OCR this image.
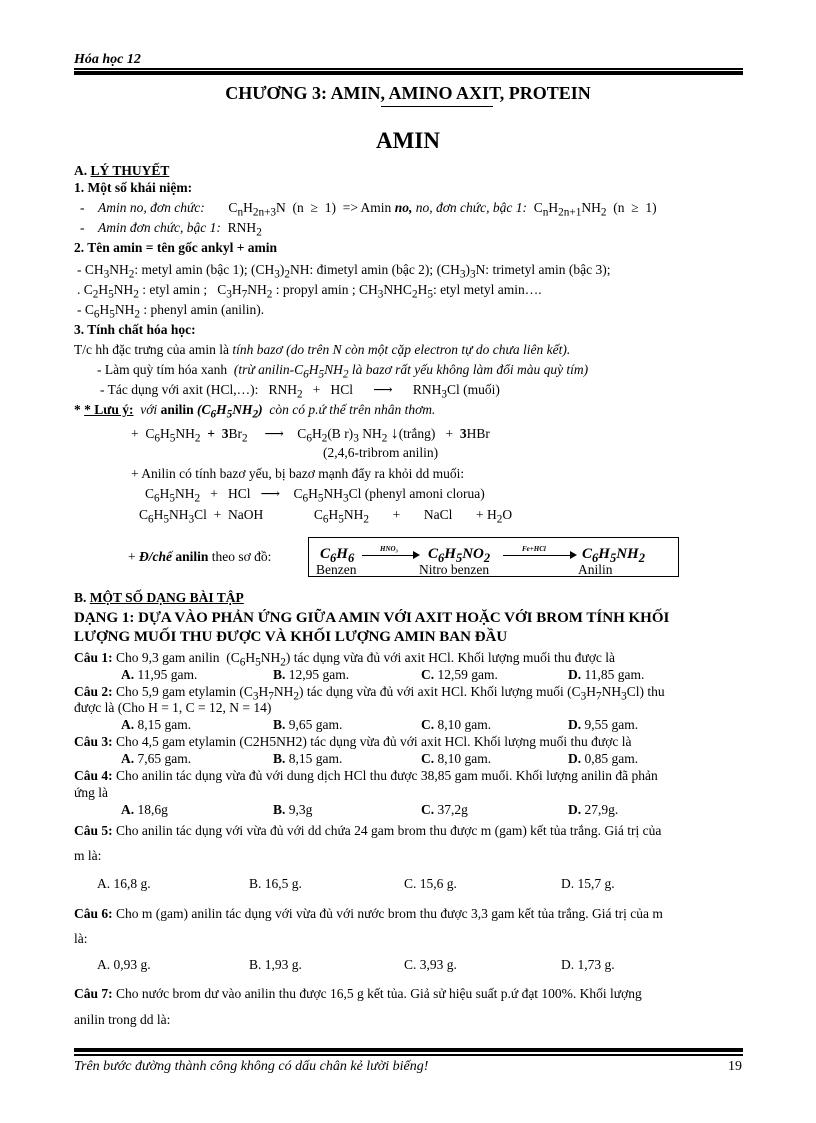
Hóa học 12
CHƯƠNG 3: AMIN, AMINO AXIT, PROTEIN
AMIN
A. LÝ THUYẾT
1. Một số khái niệm:
-    Amin no, đơn chức:       $C_nH_{2n+3}N$  (n  ≥  1)  => Amin no, no, đơn chức, bậc 1:  $C_nH_{2n+1}NH_2$  (n  ≥  1)
-    Amin đơn chức, bậc 1:  $RNH_2$
2. Tên amin = tên gốc ankyl + amin
- $CH_3NH_2$: metyl amin (bậc 1); $(CH_3)_2NH$: đimetyl amin (bậc 2); $(CH_3)_3N$: trimetyl amin (bậc 3);
. $C_2H_5NH_2$ : etyl amin ;   $C_3H_7NH_2$ : propyl amin ; $CH_3NHC_2H_5$: etyl metyl amin….
- $C_6H_5NH_2$ : phenyl amin (anilin).
3. Tính chất hóa học:
T/c hh đặc trưng của amin là tính bazơ (do trên N còn một cặp electron tự do chưa liên kết).
- Làm quỳ tím hóa xanh (trừ anilin-$C_6H_5NH_2$ là bazơ rất yếu không làm đổi màu quỳ tím)
- Tác dụng với axit (HCl,…):   $RNH_2$   +   HCl      ⟶      $RNH_3Cl$ (muối)
* * Lưu ý: với anilin $(C_6H_5NH_2)$ còn có p.ứ thế trên nhân thơm.
+  $C_6H_5NH_2 + 3Br_2$     ⟶    $C_6H_2(B$ $r)_3$ $NH_2$ ↓(trắng)   +  3HBr
(2,4,6-tribrom anilin)
+ Anilin có tính bazơ yếu, bị bazơ mạnh đẩy ra khỏi dd muối:
$C_6H_5NH_2$   +   HCl   ⟶    $C_6H_5NH_3Cl$ (phenyl amoni clorua)
$C_6H_5NH_3Cl$  +  NaOH               $C_6H_5NH_2$       +       NaCl       + $H_2O$
+ Đ/chế anilin theo sơ đồ:	$C_6H_6$
HNO₃ $C_6H_5NO_2$
Fe+HCl $C_6H_5NH_2$
Benzen	Nitro benzen	Anilin
B. MỘT SỐ DẠNG BÀI TẬP
DẠNG 1: DỰA VÀO PHẢN ỨNG GIỮA AMIN VỚI AXIT HOẶC VỚI BROM TÍNH KHỐI
LƯỢNG MUỐI THU ĐƯỢC VÀ KHỐI LƯỢNG AMIN BAN ĐẦU
Câu 1: Cho 9,3 gam anilin  $(C_6H_5NH_2)$ tác dụng vừa đủ với axit HCl. Khối lượng muối thu được là
A. 11,95 gam.	B. 12,95 gam.	C. 12,59 gam.	D. 11,85 gam.
Câu 2: Cho 5,9 gam etylamin $(C_3H_7NH_2)$ tác dụng vừa đủ với axit HCl. Khối lượng muối $(C_3H_7NH_3Cl)$ thu
được là (Cho H = 1, C = 12, N = 14)
A. 8,15 gam.	B. 9,65 gam.	C. 8,10 gam.	D. 9,55 gam.
Câu 3: Cho 4,5 gam etylamin (C2H5NH2) tác dụng vừa đủ với axit HCl. Khối lượng muối thu được là
A. 7,65 gam.	B. 8,15 gam.	C. 8,10 gam.	D. 0,85 gam.
Câu 4: Cho anilin tác dụng vừa đủ với dung dịch HCl thu được 38,85 gam muối. Khối lượng anilin đã phản
ứng là
A. 18,6g	B. 9,3g	C. 37,2g	D. 27,9g.
Câu 5: Cho anilin tác dụng với vừa đủ với dd chứa 24 gam brom thu được m (gam) kết tủa trắng. Giá trị của
m là:
A. 16,8 g.	B. 16,5 g.	C. 15,6 g.	D. 15,7 g.
Câu 6: Cho m (gam) anilin tác dụng với vừa đủ với nước brom thu được 3,3 gam kết tủa trắng. Giá trị của m
là:
A. 0,93 g.	B. 1,93 g.	C. 3,93 g.	D. 1,73 g.
Câu 7: Cho nước brom dư vào anilin thu được 16,5 g kết tủa. Giả sử hiệu suất p.ứ đạt 100%. Khối lượng
anilin trong dd là:
Trên bước đường thành công không có dấu chân kẻ lười biếng!	19
